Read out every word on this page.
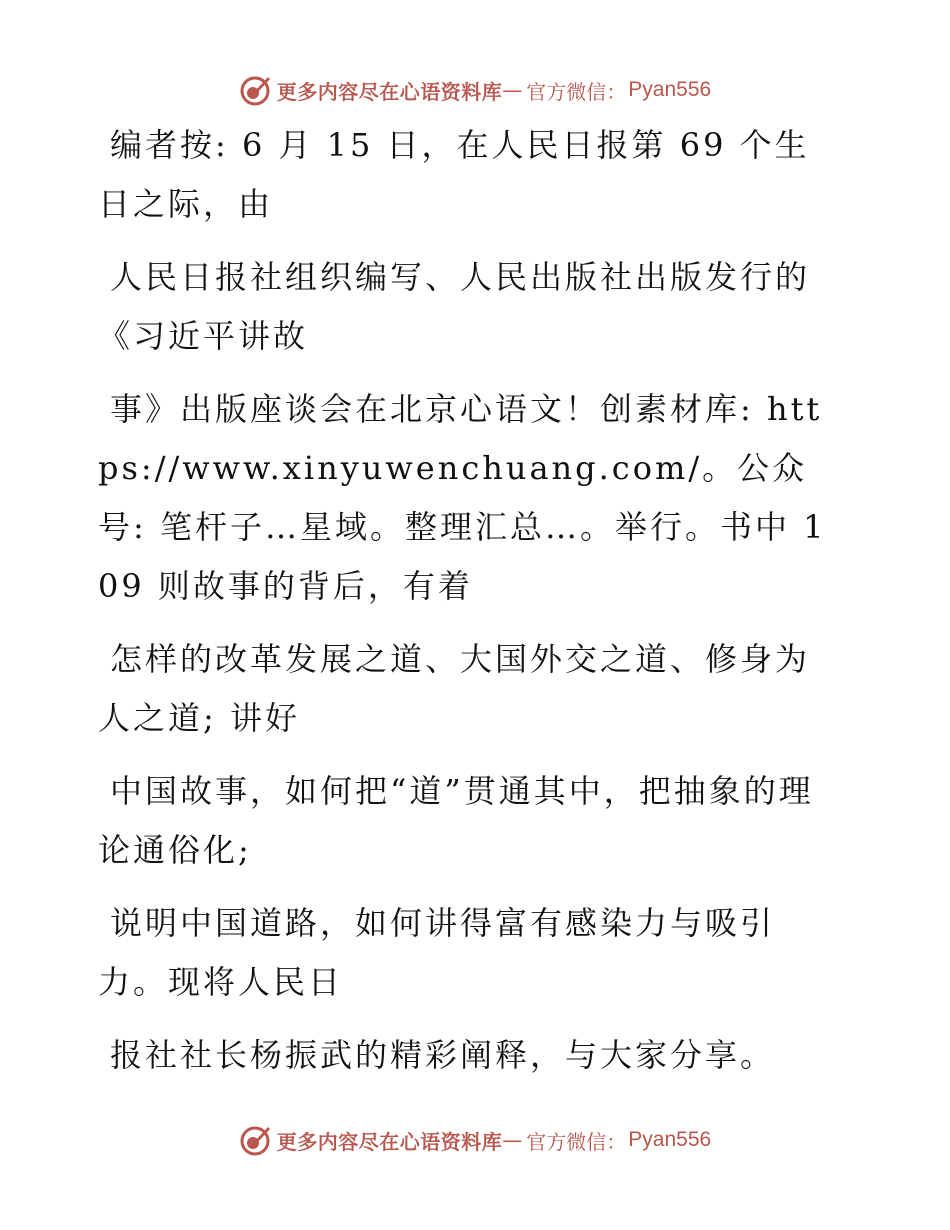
更多内容尽在心语资料库 — 官方微信： Pyan556

编者按: 6 月 15 日，在人民日报第 69 个生日之际，由

人民日报社组织编写、人民出版社出版发行的《习近平讲故

事》出版座谈会在北京心语文！创素材库: https://www.xinyuwenchuang.com/。公众号: 笔杆子…星域。整理汇总…。举行。书中 109 则故事的背后，有着

怎样的改革发展之道、大国外交之道、修身为人之道; 讲好

中国故事，如何把“道”贯通其中，把抽象的理论通俗化;

说明中国道路，如何讲得富有感染力与吸引力。现将人民日

报社社长杨振武的精彩阐释，与大家分享。

更多内容尽在心语资料库 — 官方微信： Pyan556
